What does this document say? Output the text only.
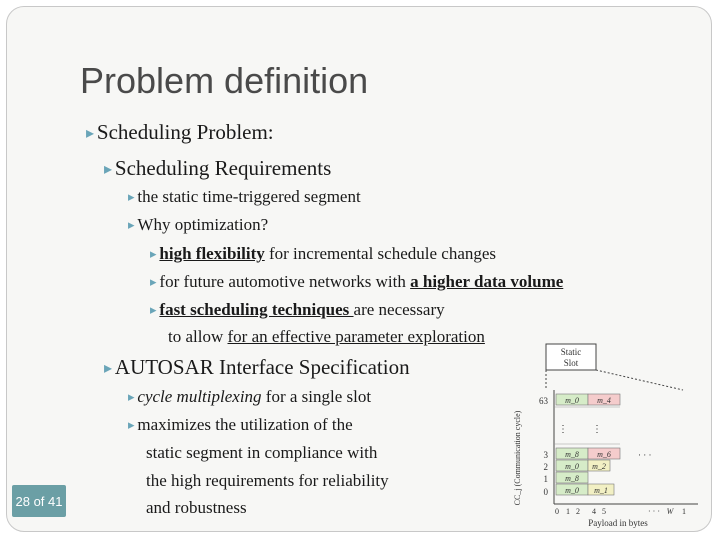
Problem definition
▸ Scheduling Problem:
▸ Scheduling Requirements
▸ the static time-triggered segment
▸ Why optimization?
▸ high flexibility for incremental schedule changes
▸ for future automotive networks with a higher data volume
▸ fast scheduling techniques are necessary
to allow for an effective parameter exploration
▸ AUTOSAR Interface Specification
▸ cycle multiplexing for a single slot
▸ maximizes the utilization of the
static segment in compliance with
the high requirements for reliability
and robustness
28 of 41
Static
Slot
CC_j (Communication cycle)
63
3
2
1
0
m_0 m_4
⋮ ⋮
m_8 m_6
m_0 m_2
m_8
m_0 m_1
· · ·
0 1 2 4 5	· · · W 1
Payload in bytes
